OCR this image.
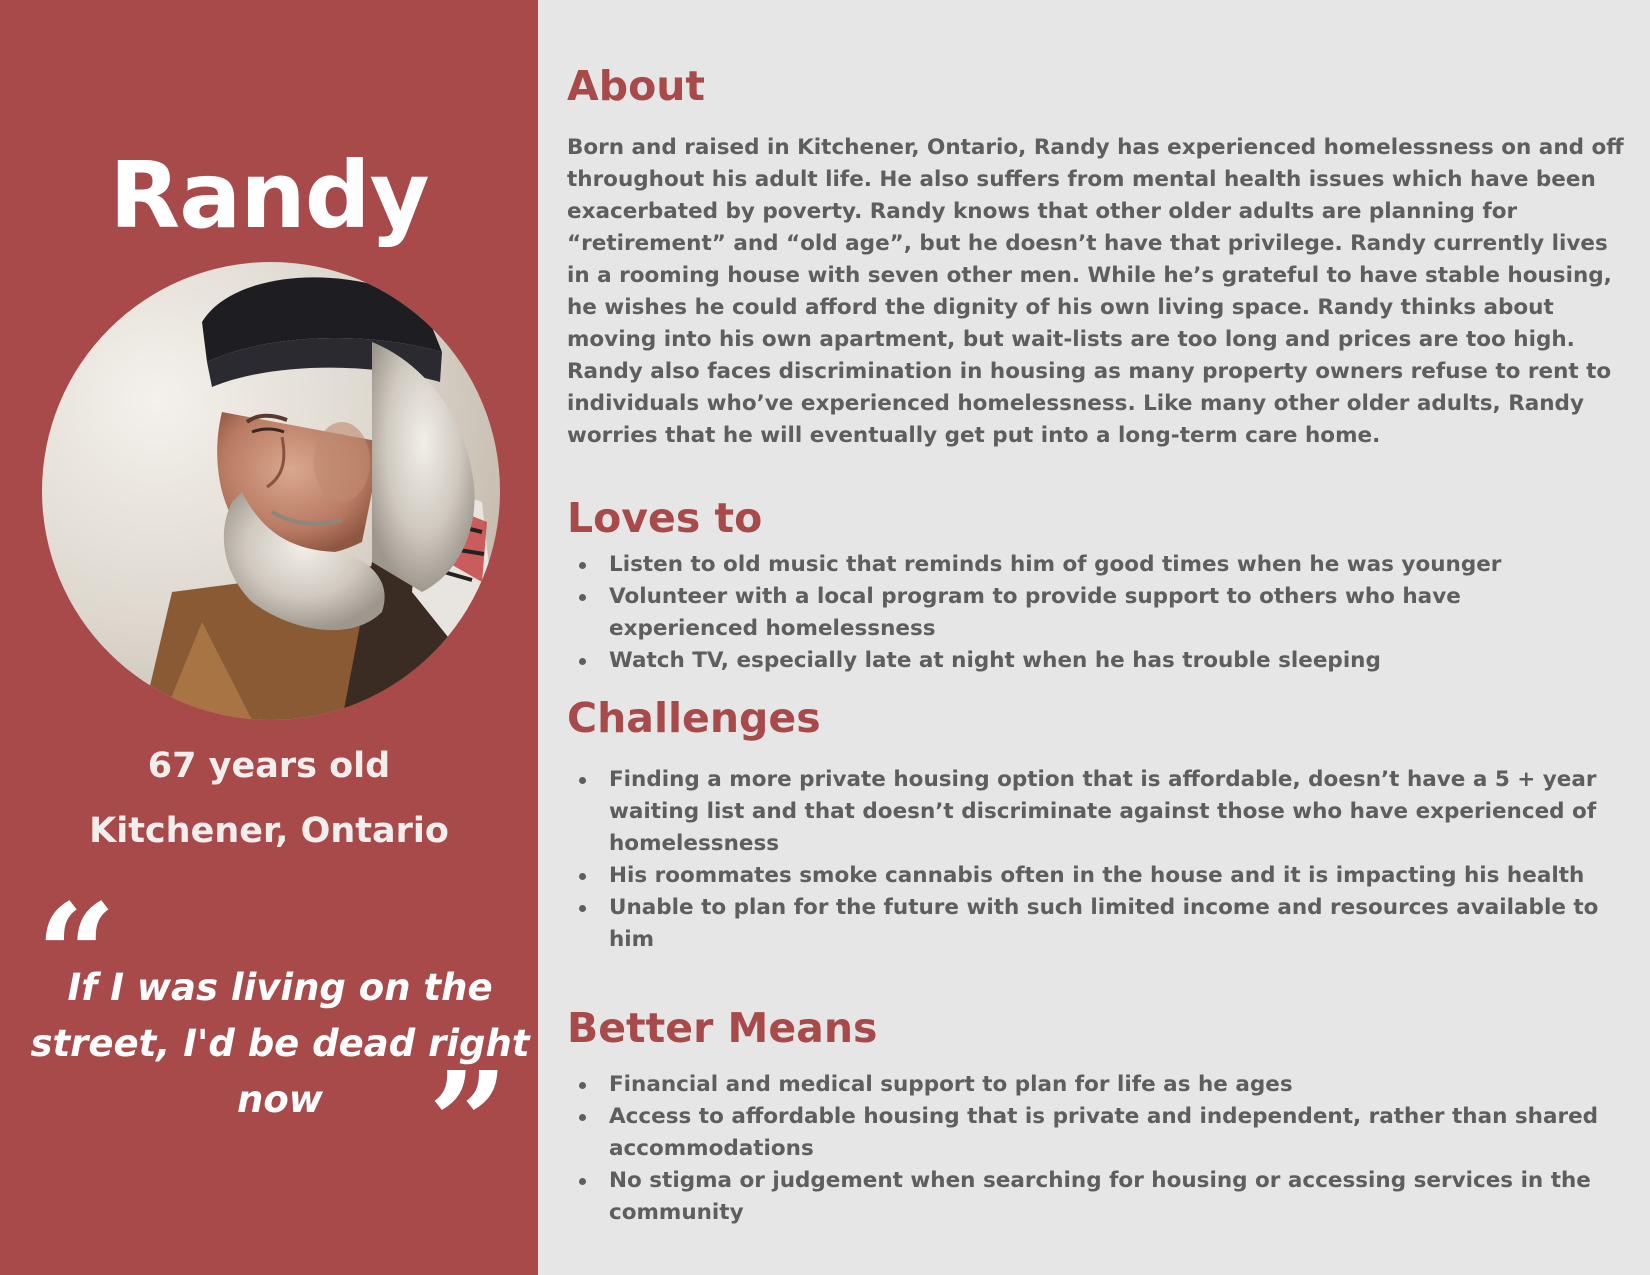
Randy
67 years old
Kitchener, Ontario
“
If I was living on the street, I'd be dead right now ”
About

Born and raised in Kitchener, Ontario, Randy has experienced homelessness on and off throughout his adult life. He also suffers from mental health issues which have been exacerbated by poverty. Randy knows that other older adults are planning for “retirement” and “old age”, but he doesn’t have that privilege. Randy currently lives in a rooming house with seven other men. While he’s grateful to have stable housing, he wishes he could afford the dignity of his own living space. Randy thinks about moving into his own apartment, but wait-lists are too long and prices are too high. Randy also faces discrimination in housing as many property owners refuse to rent to individuals who’ve experienced homelessness. Like many other older adults, Randy worries that he will eventually get put into a long-term care home.

Loves to
Listen to old music that reminds him of good times when he was younger
Volunteer with a local program to provide support to others who have experienced homelessness
Watch TV, especially late at night when he has trouble sleeping
Challenges
Finding a more private housing option that is affordable, doesn’t have a 5 + year waiting list and that doesn’t discriminate against those who have experienced of homelessness
His roommates smoke cannabis often in the house and it is impacting his health
Unable to plan for the future with such limited income and resources available to him
Better Means
Financial and medical support to plan for life as he ages
Access to affordable housing that is private and independent, rather than shared accommodations
No stigma or judgement when searching for housing or accessing services in the community
